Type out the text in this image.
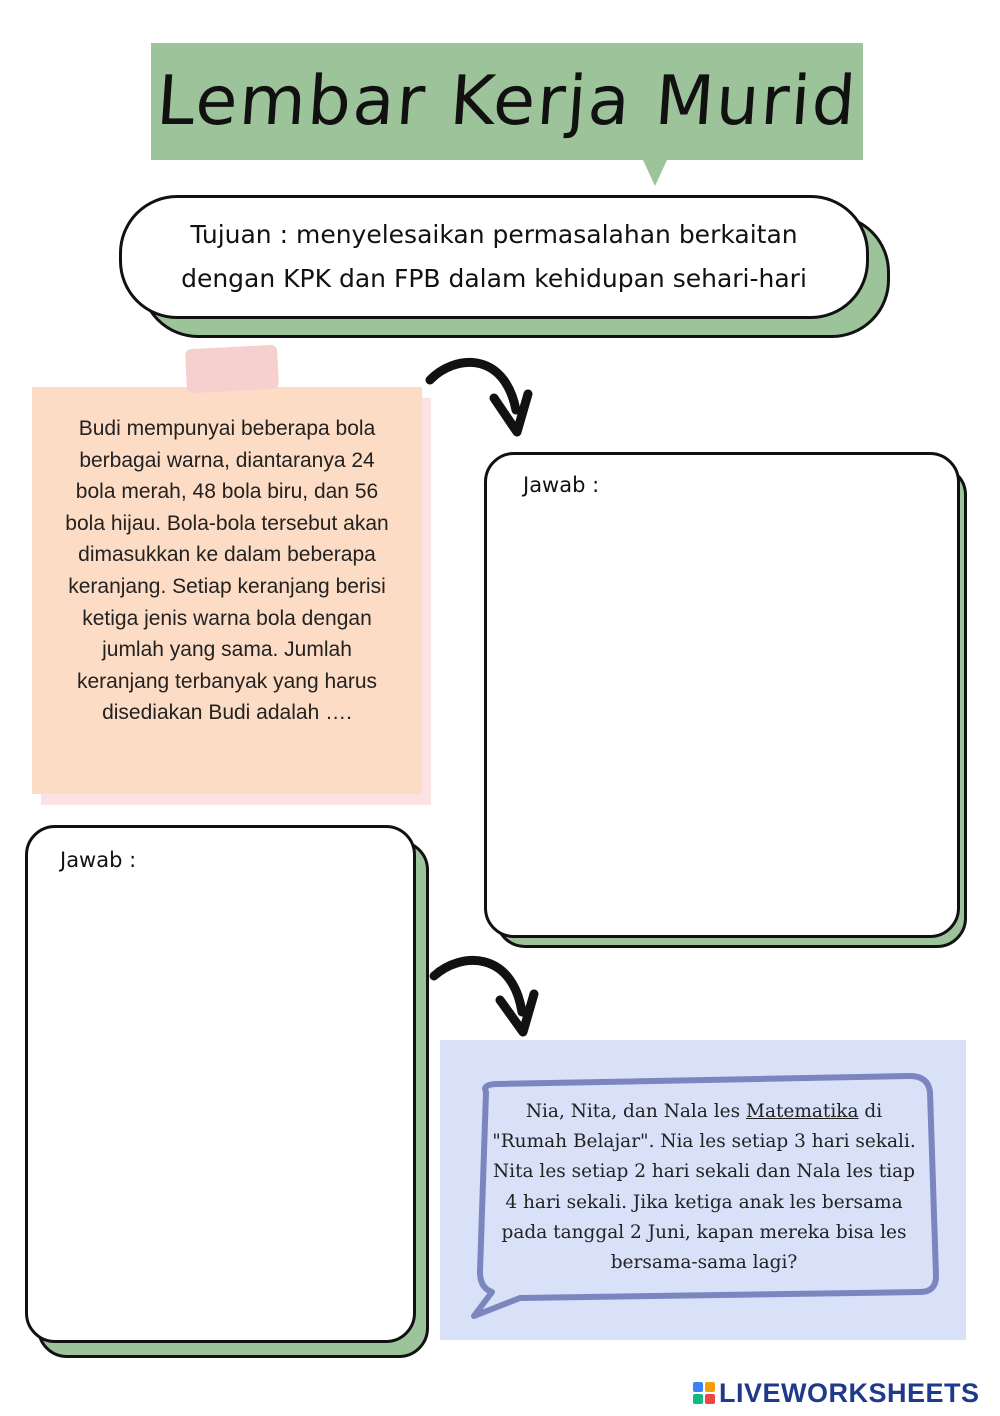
Lembar Kerja Murid
Tujuan : menyelesaikan permasalahan berkaitan
dengan KPK dan FPB dalam kehidupan sehari-hari
Budi mempunyai beberapa bola berbagai warna, diantaranya 24 bola merah, 48 bola biru, dan 56 bola hijau. Bola-bola tersebut akan dimasukkan ke dalam beberapa keranjang. Setiap keranjang berisi ketiga jenis warna bola dengan jumlah yang sama. Jumlah keranjang terbanyak yang harus disediakan Budi adalah ….
Jawab :
Jawab :
Nia, Nita, dan Nala les Matematika di "Rumah Belajar". Nia les setiap 3 hari sekali. Nita les setiap 2 hari sekali dan Nala les tiap 4 hari sekali. Jika ketiga anak les bersama pada tanggal 2 Juni, kapan mereka bisa les bersama-sama lagi?
LIVEWORKSHEETS
